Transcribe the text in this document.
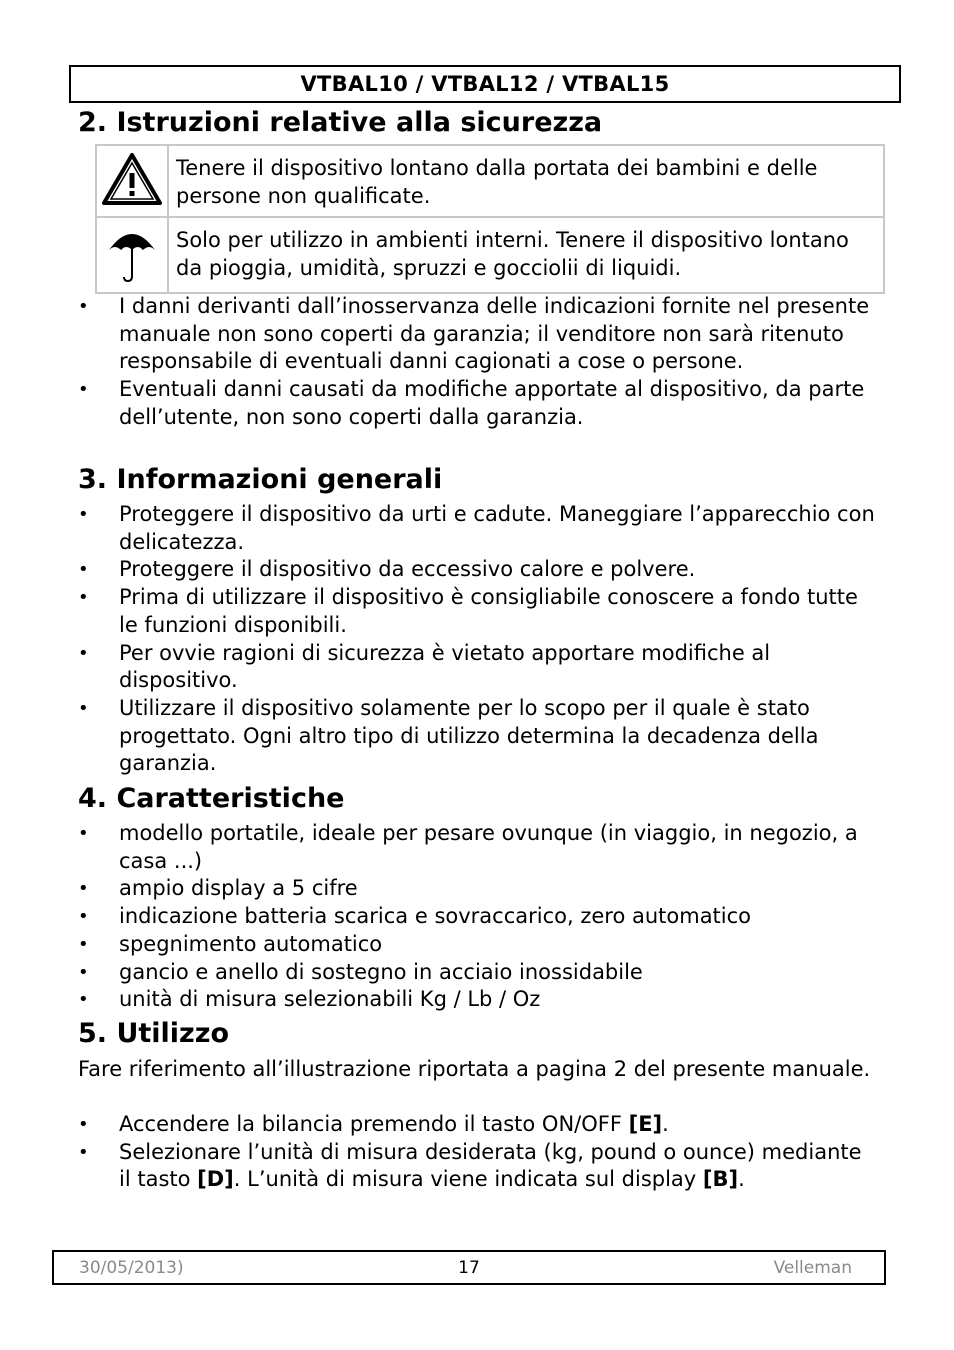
VTBAL10 / VTBAL12 / VTBAL15
2. Istruzioni relative alla sicurezza
	Tenere il dispositivo lontano dalla portata dei bambini e delle persone non qualificate.
	Solo per utilizzo in ambienti interni. Tenere il dispositivo lontano da pioggia, umidità, spruzzi e gocciolii di liquidi.
• I danni derivanti dall’inosservanza delle indicazioni fornite nel presente manuale non sono coperti da garanzia; il venditore non sarà ritenuto responsabile di eventuali danni cagionati a cose o persone.
• Eventuali danni causati da modifiche apportate al dispositivo, da parte dell’utente, non sono coperti dalla garanzia.
3. Informazioni generali
• Proteggere il dispositivo da urti e cadute. Maneggiare l’apparecchio con delicatezza.
• Proteggere il dispositivo da eccessivo calore e polvere.
• Prima di utilizzare il dispositivo è consigliabile conoscere a fondo tutte le funzioni disponibili.
• Per ovvie ragioni di sicurezza è vietato apportare modifiche al dispositivo.
• Utilizzare il dispositivo solamente per lo scopo per il quale è stato progettato. Ogni altro tipo di utilizzo determina la decadenza della garanzia.
4. Caratteristiche
• modello portatile, ideale per pesare ovunque (in viaggio, in negozio, a casa ...)
• ampio display a 5 cifre
• indicazione batteria scarica e sovraccarico, zero automatico
• spegnimento automatico
• gancio e anello di sostegno in acciaio inossidabile
• unità di misura selezionabili Kg / Lb / Oz
5. Utilizzo

Fare riferimento all’illustrazione riportata a pagina 2 del presente manuale.

• Accendere la bilancia premendo il tasto ON/OFF [E].
• Selezionare l’unità di misura desiderata (kg, pound o ounce) mediante il tasto [D]. L’unità di misura viene indicata sul display [B].
30/05/2013)	17	Velleman
